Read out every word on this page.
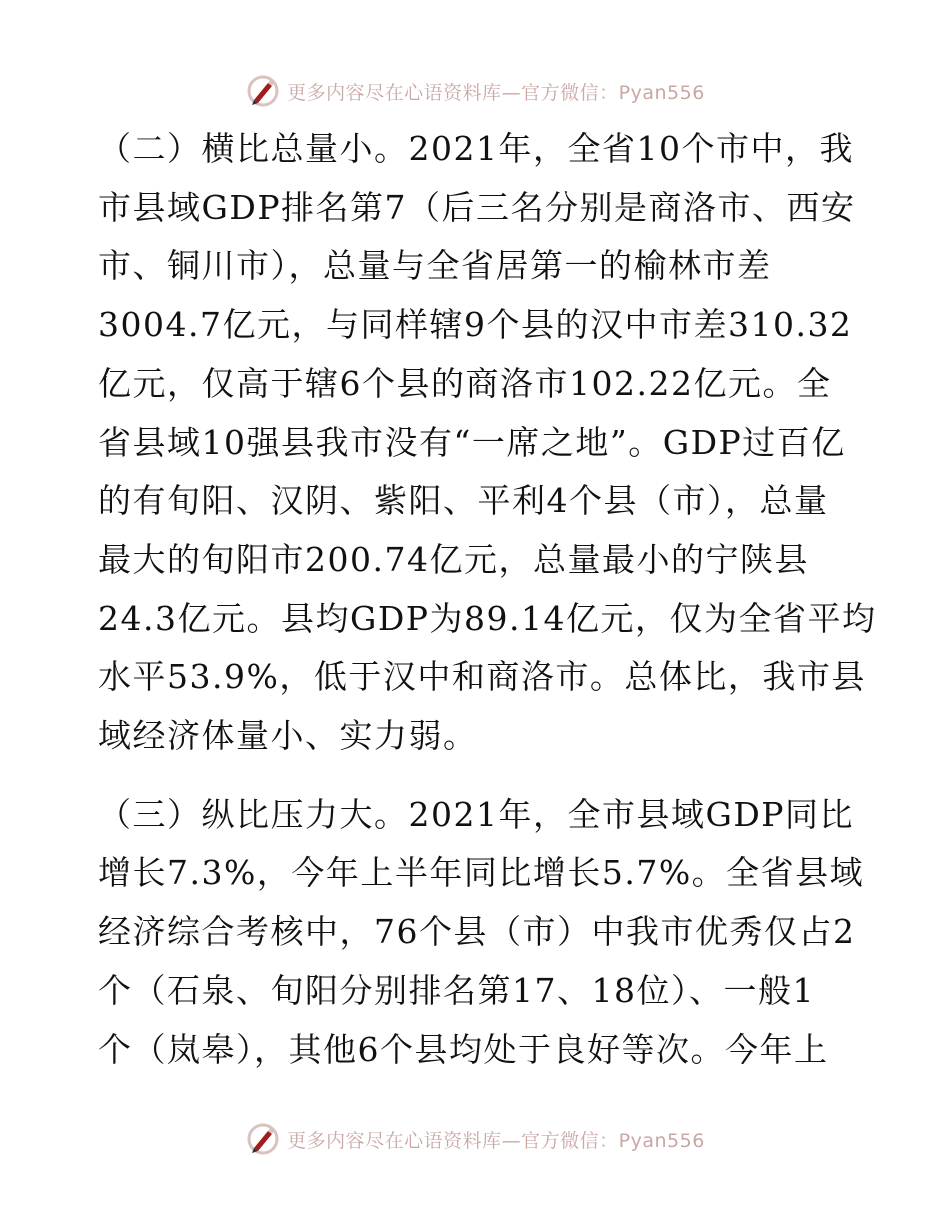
更多内容尽在心语资料库—官方微信：Pyan556

（二）横比总量小。2021年，全省10个市中，我
市县域GDP排名第7（后三名分别是商洛市、西安
市、铜川市），总量与全省居第一的榆林市差
3004.7亿元，与同样辖9个县的汉中市差310.32
亿元，仅高于辖6个县的商洛市102.22亿元。全
省县域10强县我市没有“一席之地”。GDP过百亿
的有旬阳、汉阴、紫阳、平利4个县（市），总量
最大的旬阳市200.74亿元，总量最小的宁陕县
24.3亿元。县均GDP为89.14亿元，仅为全省平均
水平53.9%，低于汉中和商洛市。总体比，我市县
域经济体量小、实力弱。

（三）纵比压力大。2021年，全市县域GDP同比
增长7.3%，今年上半年同比增长5.7%。全省县域
经济综合考核中，76个县（市）中我市优秀仅占2
个（石泉、旬阳分别排名第17、18位）、一般1
个（岚皋），其他6个县均处于良好等次。今年上

更多内容尽在心语资料库—官方微信：Pyan556
